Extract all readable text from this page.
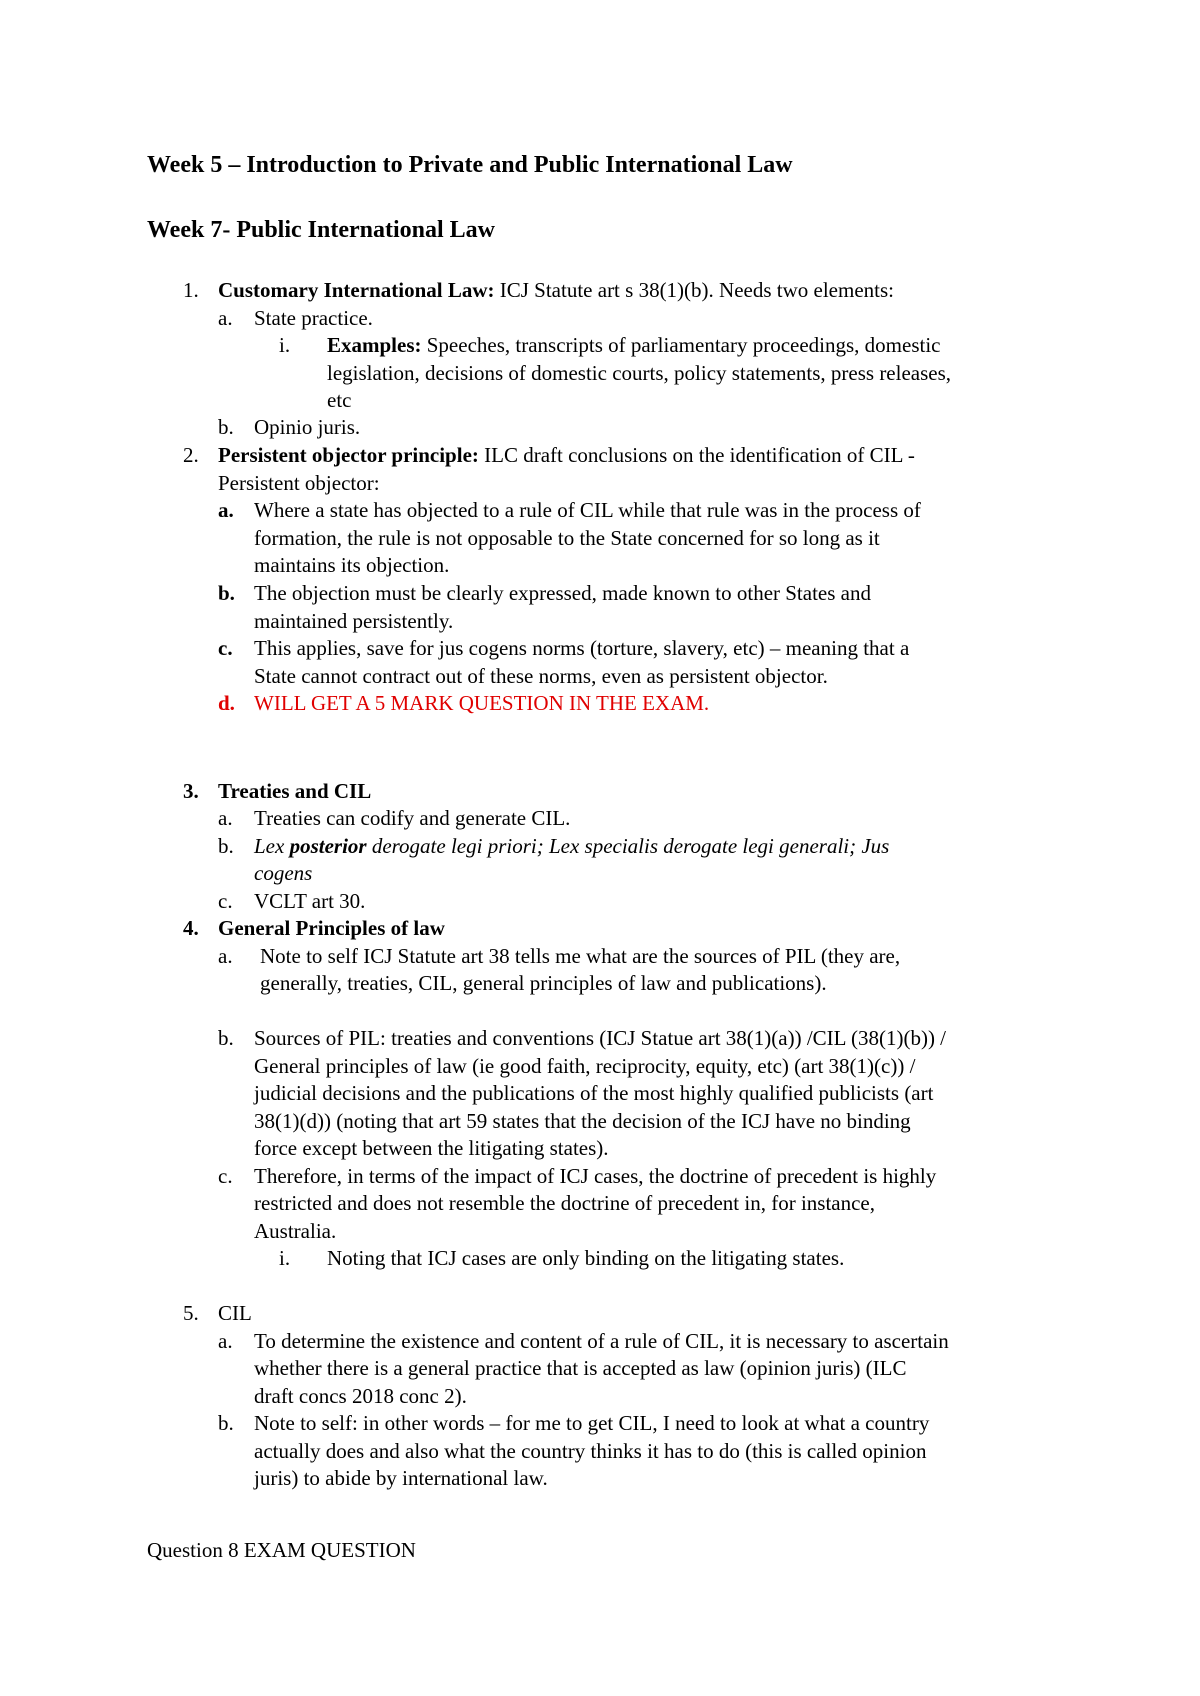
Week 5 – Introduction to Private and Public International Law
Week 7- Public International Law
1. Customary International Law: ICJ Statute art s 38(1)(b). Needs two elements:
a. State practice.
i. Examples: Speeches, transcripts of parliamentary proceedings, domestic
legislation, decisions of domestic courts, policy statements, press releases,
etc
b. Opinio juris.
2. Persistent objector principle: ILC draft conclusions on the identification of CIL -
Persistent objector:
a. Where a state has objected to a rule of CIL while that rule was in the process of
formation, the rule is not opposable to the State concerned for so long as it
maintains its objection.
b. The objection must be clearly expressed, made known to other States and
maintained persistently.
c. This applies, save for jus cogens norms (torture, slavery, etc) – meaning that a
State cannot contract out of these norms, even as persistent objector.
d. WILL GET A 5 MARK QUESTION IN THE EXAM.
3. Treaties and CIL
a. Treaties can codify and generate CIL.
b. Lex posterior derogate legi priori; Lex specialis derogate legi generali; Jus
cogens
c. VCLT art 30.
4. General Principles of law
a. Note to self ICJ Statute art 38 tells me what are the sources of PIL (they are,
generally, treaties, CIL, general principles of law and publications).
b. Sources of PIL: treaties and conventions (ICJ Statue art 38(1)(a)) /CIL (38(1)(b)) /
General principles of law (ie good faith, reciprocity, equity, etc) (art 38(1)(c)) /
judicial decisions and the publications of the most highly qualified publicists (art
38(1)(d)) (noting that art 59 states that the decision of the ICJ have no binding
force except between the litigating states).
c. Therefore, in terms of the impact of ICJ cases, the doctrine of precedent is highly
restricted and does not resemble the doctrine of precedent in, for instance,
Australia.
i. Noting that ICJ cases are only binding on the litigating states.
5. CIL
a. To determine the existence and content of a rule of CIL, it is necessary to ascertain
whether there is a general practice that is accepted as law (opinion juris) (ILC
draft concs 2018 conc 2).
b. Note to self: in other words – for me to get CIL, I need to look at what a country
actually does and also what the country thinks it has to do (this is called opinion
juris) to abide by international law.
Question 8 EXAM QUESTION
